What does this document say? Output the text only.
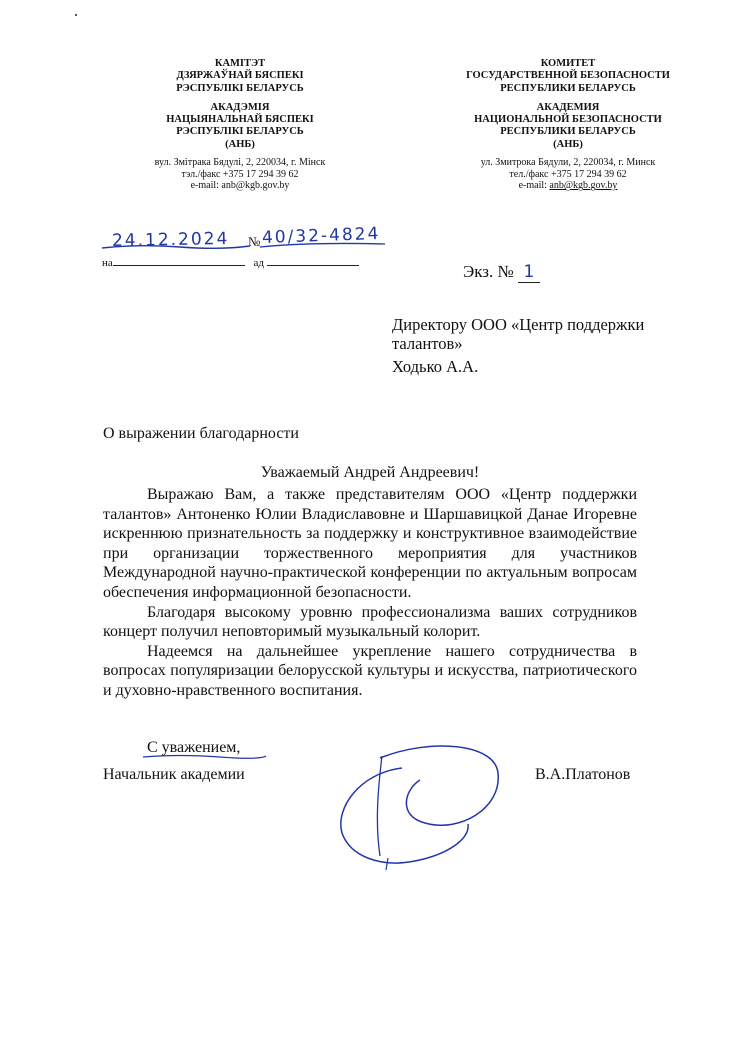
КАМІТЭТ
ДЗЯРЖАЎНАЙ БЯСПЕКІ
РЭСПУБЛІКІ БЕЛАРУСЬ
АКАДЭМІЯ
НАЦЫЯНАЛЬНАЙ БЯСПЕКІ
РЭСПУБЛІКІ БЕЛАРУСЬ
(АНБ)
вул. Змітрака Бядулі, 2, 220034, г. Мінск
тэл./факс +375 17 294 39 62
e-mail: anb@kgb.gov.by
КОМИТЕТ
ГОСУДАРСТВЕННОЙ БЕЗОПАСНОСТИ
РЕСПУБЛИКИ БЕЛАРУСЬ
АКАДЕМИЯ
НАЦИОНАЛЬНОЙ БЕЗОПАСНОСТИ
РЕСПУБЛИКИ БЕЛАРУСЬ
(АНБ)
ул. Змитрока Бядули, 2, 220034, г. Минск
тел./факс +375 17 294 39 62
e-mail: anb@kgb.gov.by
24.12.2024 № 40/32-4824
на	ад	Экз. № 1
Директору ООО «Центр поддержки
талантов»
Ходько А.А.
О выражении благодарности
Уважаемый Андрей Андреевич!

Выражаю Вам, а также представителям ООО «Центр поддержки талантов» Антоненко Юлии Владиславовне и Шаршавицкой Данае Игоревне искреннюю признательность за поддержку и конструктивное взаимодействие при организации торжественного мероприятия для участников Международной научно-практической конференции по актуальным вопросам обеспечения информационной безопасности.

Благодаря высокому уровню профессионализма ваших сотрудников концерт получил неповторимый музыкальный колорит.

Надеемся на дальнейшее укрепление нашего сотрудничества в вопросах популяризации белорусской культуры и искусства, патриотического и духовно-нравственного воспитания.

С уважением,
Начальник академии	В.А.Платонов
